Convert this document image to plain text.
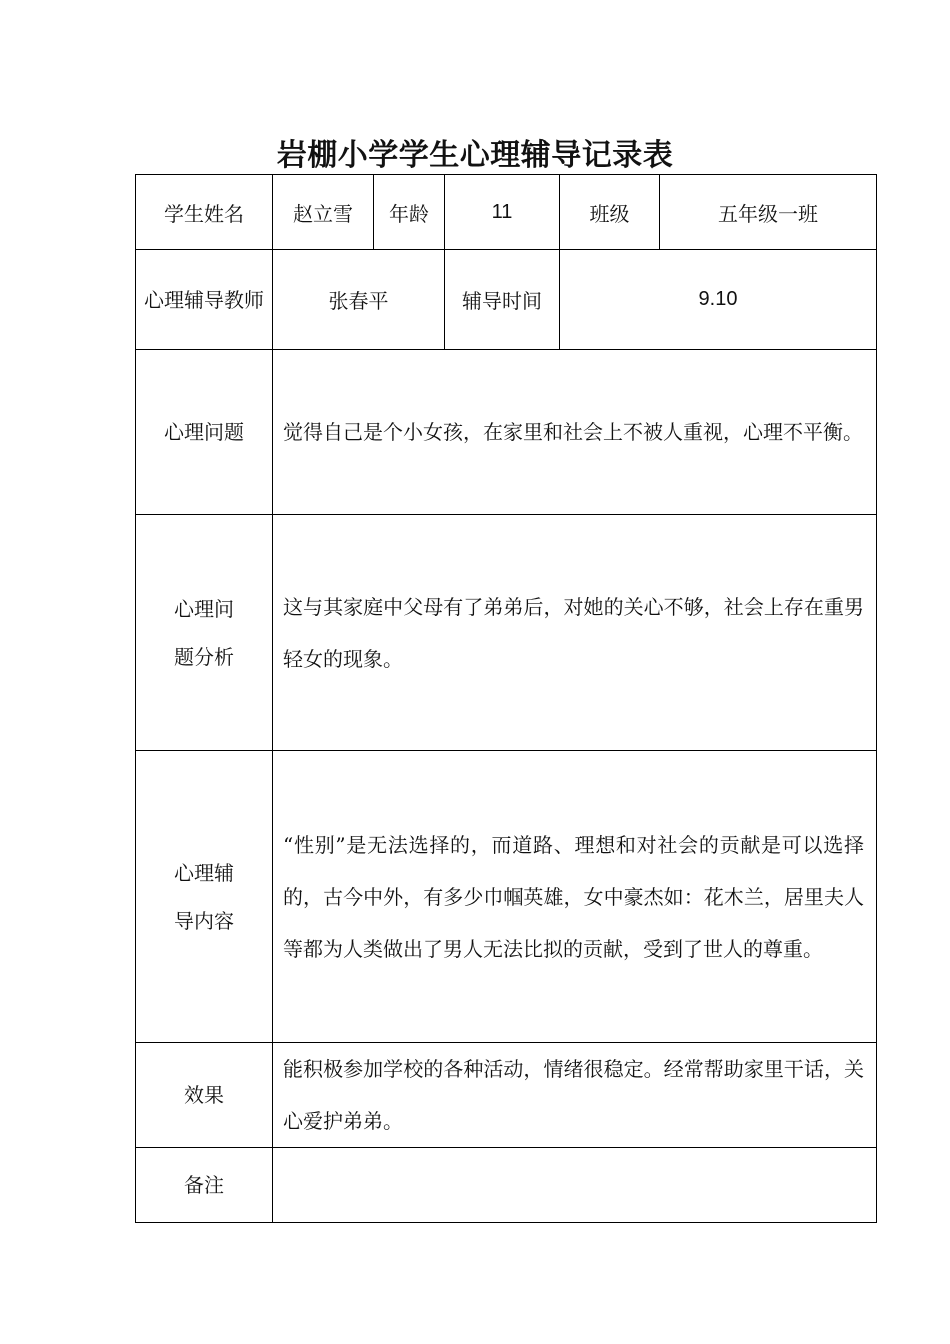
岩棚小学学生心理辅导记录表
学生姓名	赵立雪	年龄	11	班级	五年级一班
心理辅导教师	张春平		辅导时间	9.10	
心理问题	觉得自己是个小女孩，在家里和社会上不被人重视，心理不平衡。				
心理问题分析	这与其家庭中父母有了弟弟后，对她的关心不够，社会上存在重男轻女的现象。				
心理辅导内容	“性别”是无法选择的，而道路、理想和对社会的贡献是可以选择的，古今中外，有多少巾帼英雄，女中豪杰如：花木兰，居里夫人等都为人类做出了男人无法比拟的贡献，受到了世人的尊重。				
效果	能积极参加学校的各种活动，情绪很稳定。经常帮助家里干话，关心爱护弟弟。				
备注					
